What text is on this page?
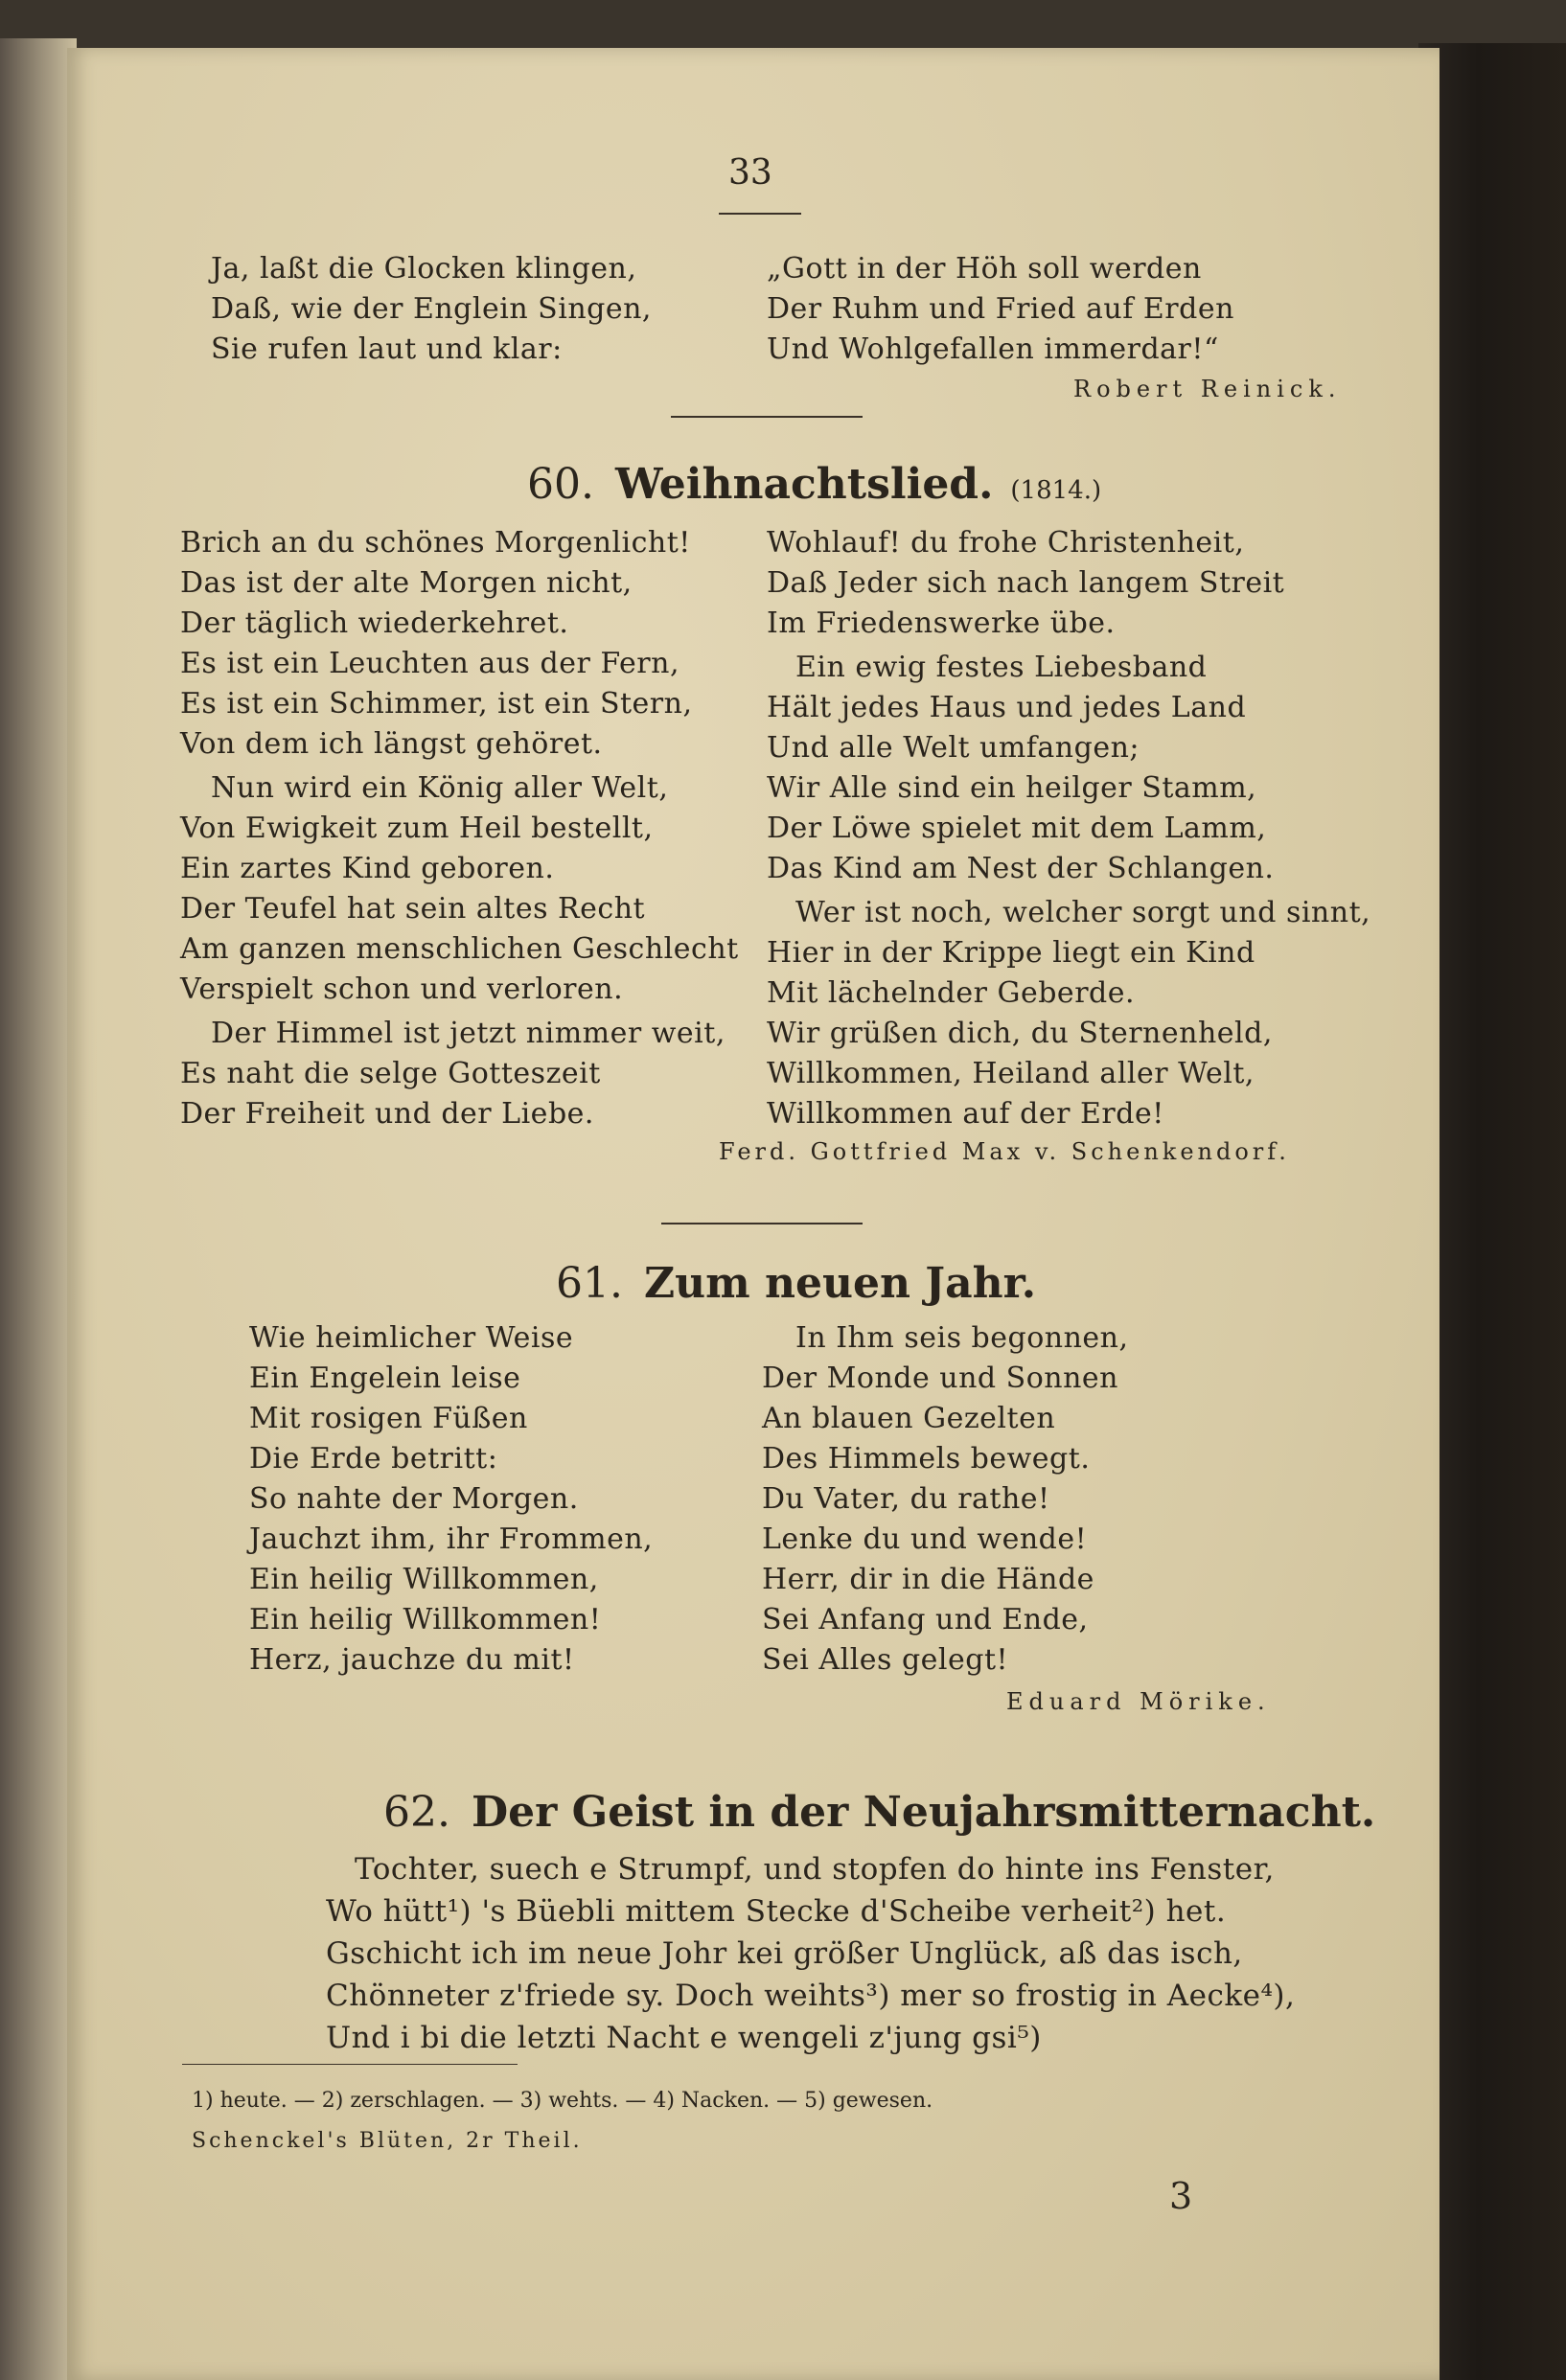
33
Ja, laßt die Glocken klingen,
Daß, wie der Englein Singen,
Sie rufen laut und klar:
„Gott in der Höh soll werden
Der Ruhm und Fried auf Erden
Und Wohlgefallen immerdar!“
Robert Reinick.
60. Weihnachtslied. (1814.)
Brich an du schönes Morgenlicht!
Das ist der alte Morgen nicht,
Der täglich wiederkehret.
Es ist ein Leuchten aus der Fern,
Es ist ein Schimmer, ist ein Stern,
Von dem ich längst gehöret.
Nun wird ein König aller Welt,
Von Ewigkeit zum Heil bestellt,
Ein zartes Kind geboren.
Der Teufel hat sein altes Recht
Am ganzen menschlichen Geschlecht
Verspielt schon und verloren.
Der Himmel ist jetzt nimmer weit,
Es naht die selge Gotteszeit
Der Freiheit und der Liebe.
Wohlauf! du frohe Christenheit,
Daß Jeder sich nach langem Streit
Im Friedenswerke übe.
Ein ewig festes Liebesband
Hält jedes Haus und jedes Land
Und alle Welt umfangen;
Wir Alle sind ein heilger Stamm,
Der Löwe spielet mit dem Lamm,
Das Kind am Nest der Schlangen.
Wer ist noch, welcher sorgt und sinnt,
Hier in der Krippe liegt ein Kind
Mit lächelnder Geberde.
Wir grüßen dich, du Sternenheld,
Willkommen, Heiland aller Welt,
Willkommen auf der Erde!
Ferd. Gottfried Max v. Schenkendorf.
61. Zum neuen Jahr.
Wie heimlicher Weise
Ein Engelein leise
Mit rosigen Füßen
Die Erde betritt:
So nahte der Morgen.
Jauchzt ihm, ihr Frommen,
Ein heilig Willkommen,
Ein heilig Willkommen!
Herz, jauchze du mit!
In Ihm seis begonnen,
Der Monde und Sonnen
An blauen Gezelten
Des Himmels bewegt.
Du Vater, du rathe!
Lenke du und wende!
Herr, dir in die Hände
Sei Anfang und Ende,
Sei Alles gelegt!
Eduard Mörike.
62. Der Geist in der Neujahrsmitternacht.
Tochter, suech e Strumpf, und stopfen do hinte ins Fenster,
Wo hütt¹) 's Büebli mittem Stecke d'Scheibe verheit²) het.
Gschicht ich im neue Johr kei größer Unglück, aß das isch,
Chönneter z'friede sy. Doch weihts³) mer so frostig in Aecke⁴),
Und i bi die letzti Nacht e wengeli z'jung gsi⁵)
1) heute. — 2) zerschlagen. — 3) wehts. — 4) Nacken. — 5) gewesen.
Schenckel's Blüten, 2r Theil.
3
